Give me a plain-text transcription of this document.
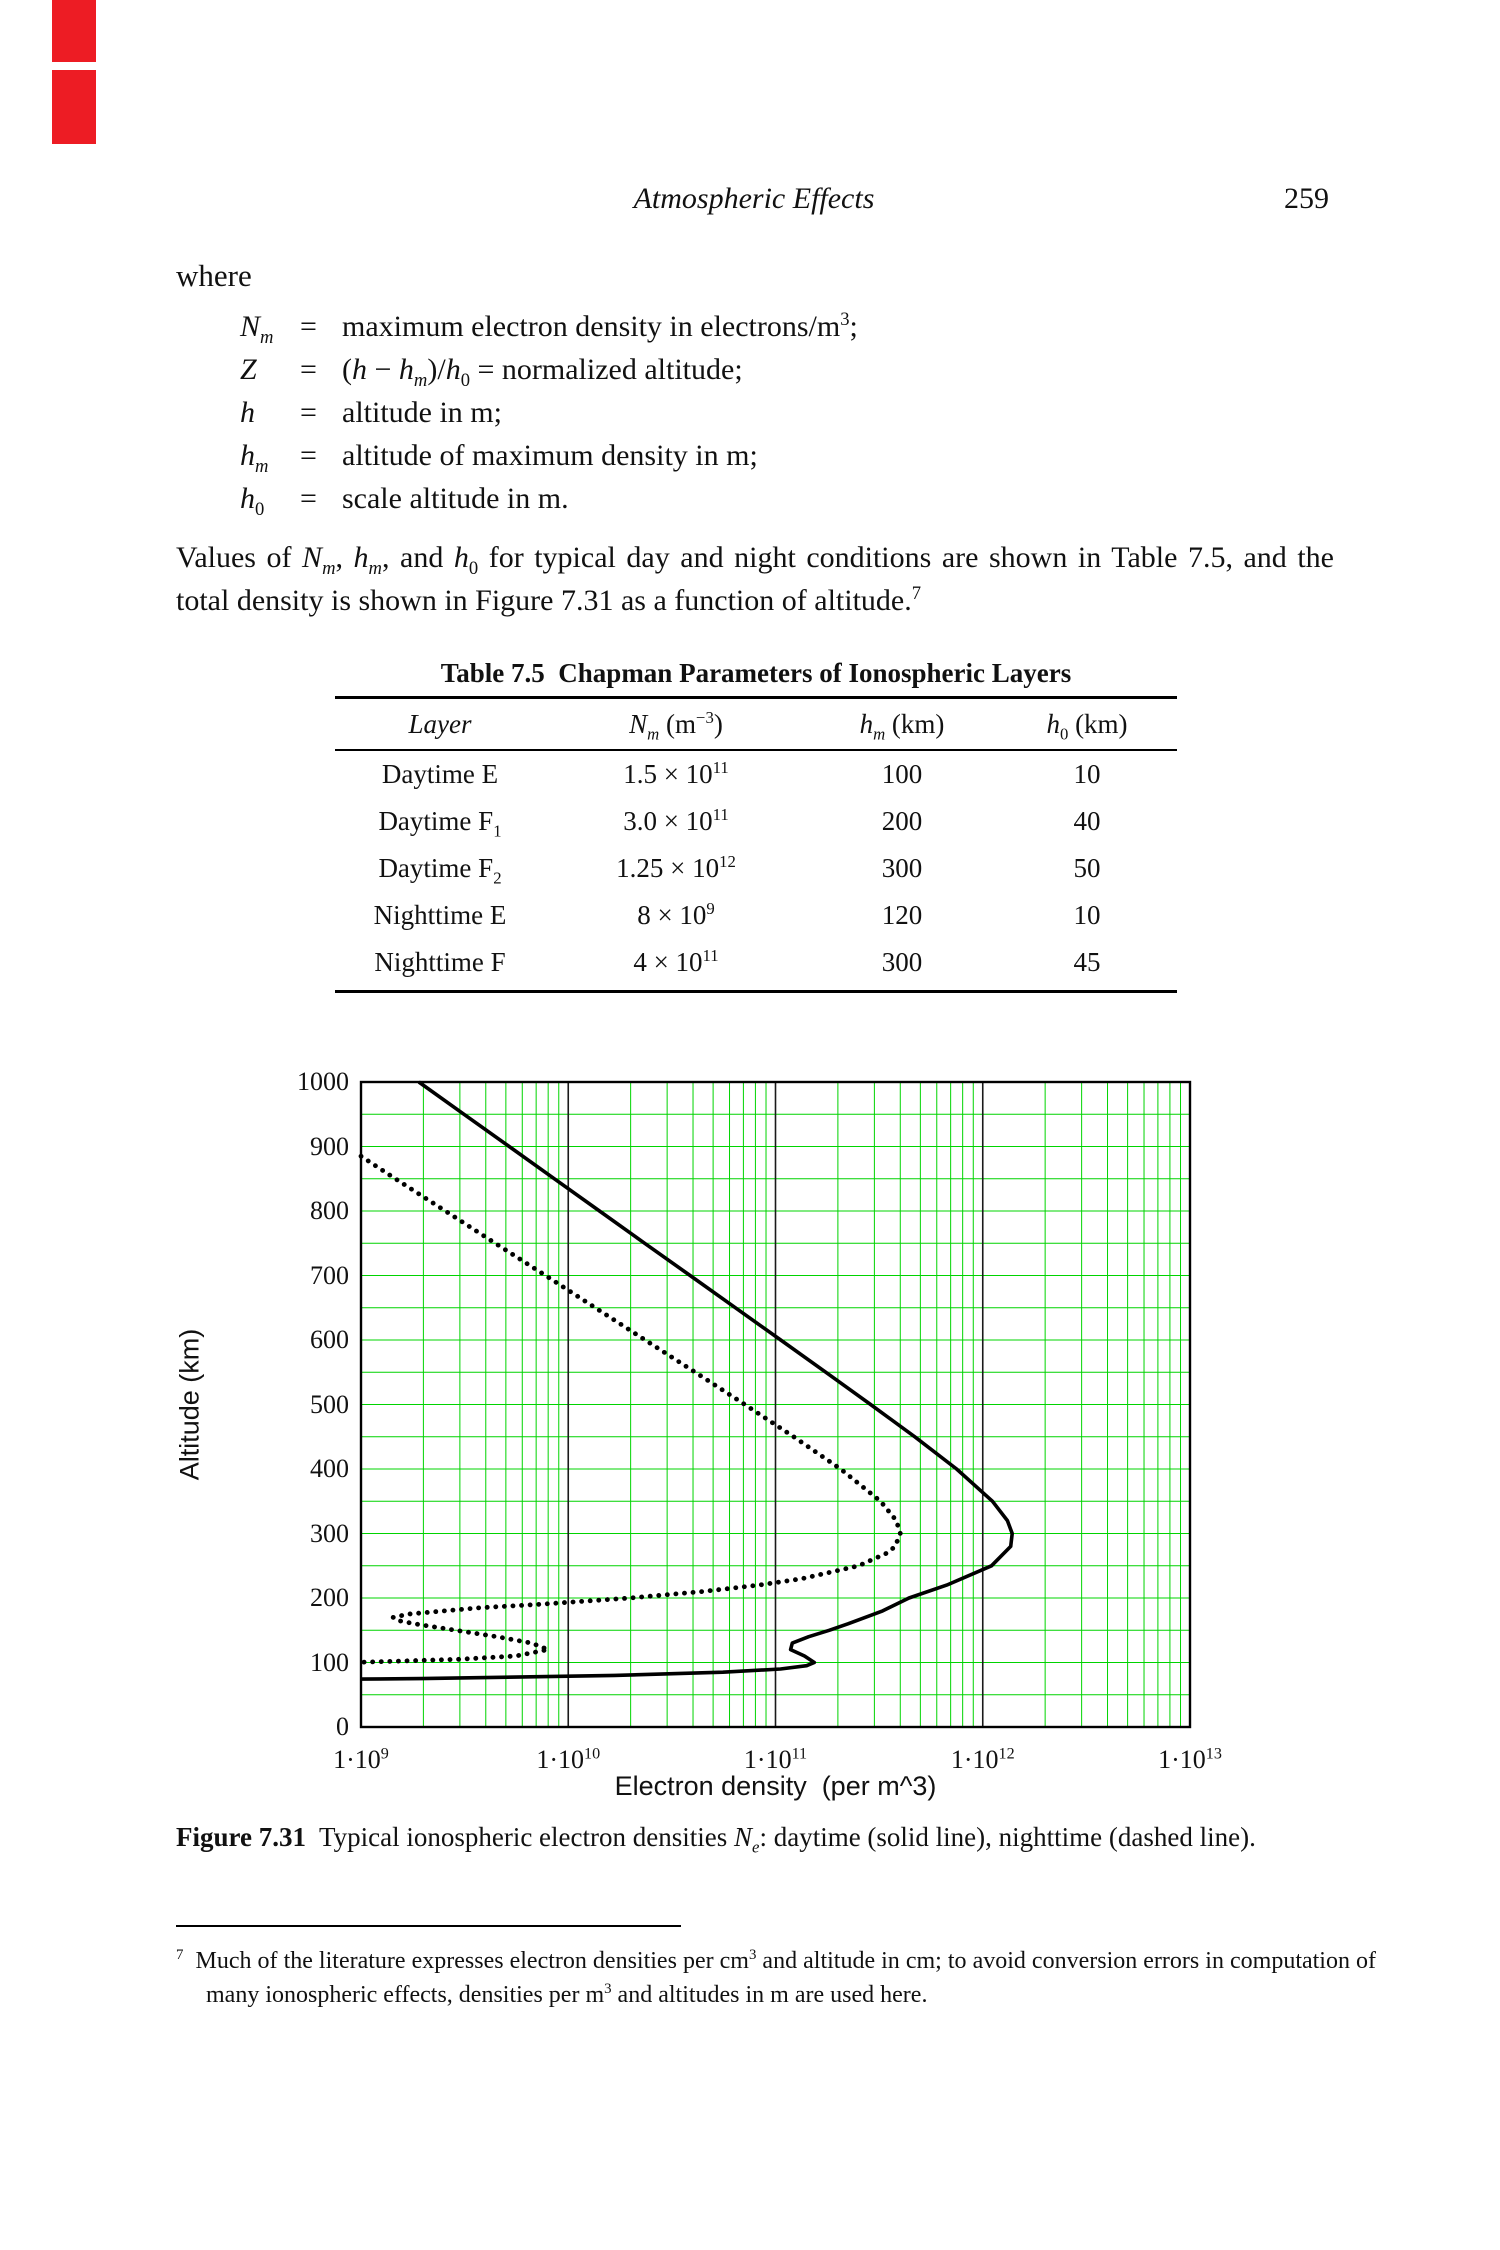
Atmospheric Effects	259
where
$N_m$ = maximum electron density in electrons/$m^3$;
Z	= $(h - h_m)/h_0$ = normalized altitude;
h	= altitude in m;
$h_m$	= altitude of maximum density in m;
$h_0$	= scale altitude in m.
Values of $N_m$, $h_m$, and $h_0$ for typical day and night conditions are shown in Table 7.5, and the total density is shown in Figure 7.31 as a function of altitude.$^7$
Table 7.5  Chapman Parameters of Ionospheric Layers
Layer	$N_m$ $(m^{-3})$	$h_m$ (km)	$h_0$ (km)
Daytime E	$1.5 \times 10^{11}$	100	10
Daytime $F_1$	$3.0 \times 10^{11}$	200	40
Daytime $F_2$	$1.25 \times 10^{12}$	300	50
Nighttime E	$8 \times 10^9$	120	10
Nighttime F	$4 \times 10^{11}$	300	45
Altitude (km)
Electron density  (per m^3)
0
100
200
300
400
500
600
700
800
900
1000
$1\cdot 10^9$	$1\cdot 10^{10}$	$1\cdot 10^{11}$	$1\cdot 10^{12}$	$1\cdot 10^{13}$
Figure 7.31  Typical ionospheric electron densities $N_e$: daytime (solid line), nighttime (dashed line).
$^7$  Much of the literature expresses electron densities per $cm^3$ and altitude in cm; to avoid conversion errors in computation of many ionospheric effects, densities per $m^3$ and altitudes in m are used here.
